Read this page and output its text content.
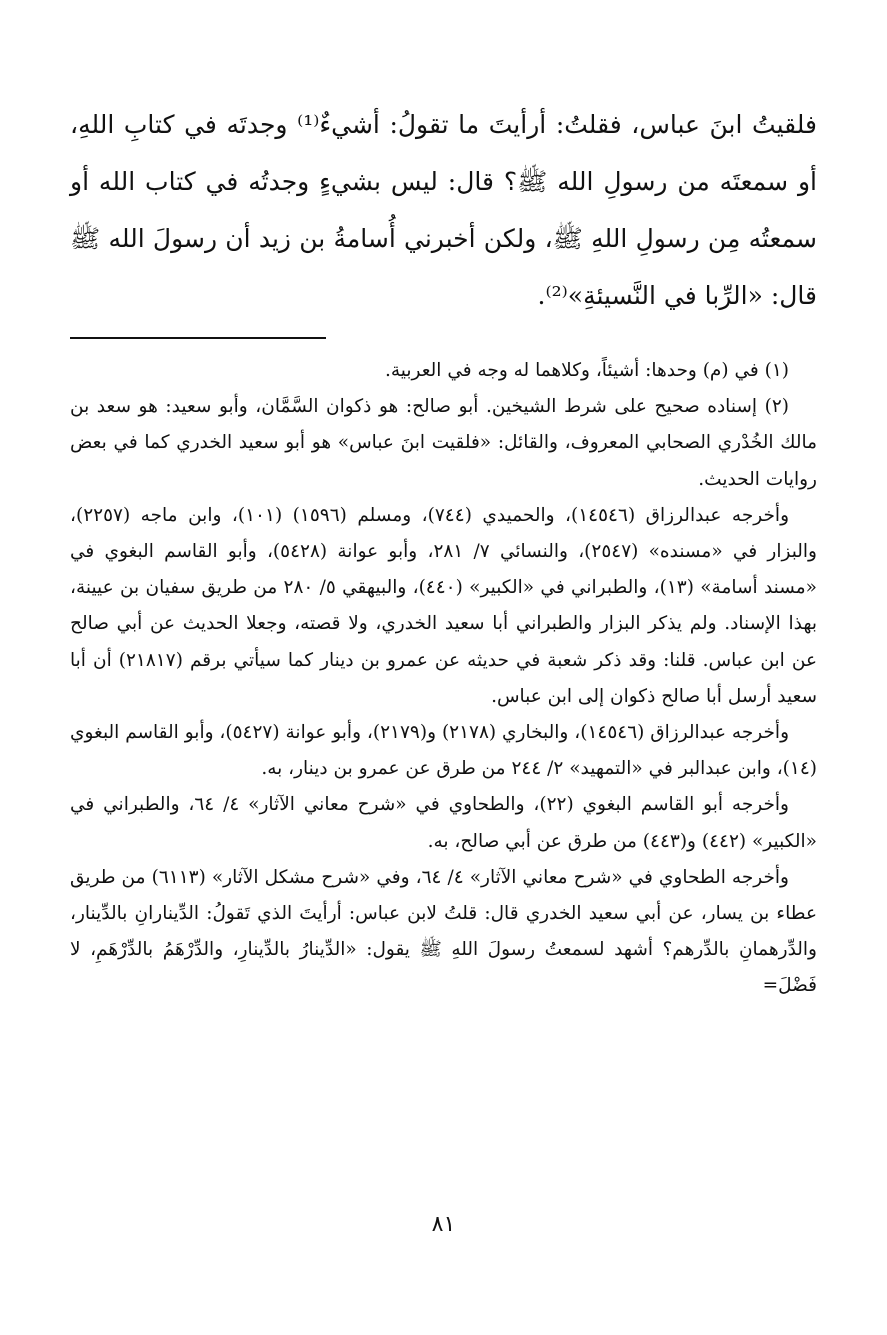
فلقيتُ ابنَ عباس، فقلتُ: أرأيتَ ما تقولُ: أشيءٌ⁽¹⁾ وجدتَه في كتابِ اللهِ، أو سمعتَه من رسولِ الله ﷺ؟ قال: ليس بشيءٍ وجدتُه في كتاب الله أو سمعتُه مِن رسولِ اللهِ ﷺ، ولكن أخبرني أُسامةُ بن زيد أن رسولَ الله ﷺ قال: «الرِّبا في النَّسيئةِ»⁽²⁾.

(١) في (م) وحدها: أشيئاً، وكلاهما له وجه في العربية.

(٢) إسناده صحيح على شرط الشيخين. أبو صالح: هو ذكوان السَّمَّان، وأبو سعيد: هو سعد بن مالك الخُدْري الصحابي المعروف، والقائل: «فلقيت ابنَ عباس» هو أبو سعيد الخدري كما في بعض روايات الحديث.

وأخرجه عبدالرزاق (١٤٥٤٦)، والحميدي (٧٤٤)، ومسلم (١٥٩٦) (١٠١)، وابن ماجه (٢٢٥٧)، والبزار في «مسنده» (٢٥٤٧)، والنسائي ٧/ ٢٨١، وأبو عوانة (٥٤٢٨)، وأبو القاسم البغوي في «مسند أسامة» (١٣)، والطبراني في «الكبير» (٤٤٠)، والبيهقي ٥/ ٢٨٠ من طريق سفيان بن عيينة، بهذا الإسناد. ولم يذكر البزار والطبراني أبا سعيد الخدري، ولا قصته، وجعلا الحديث عن أبي صالح عن ابن عباس. قلنا: وقد ذكر شعبة في حديثه عن عمرو بن دينار كما سيأتي برقم (٢١٨١٧) أن أبا سعيد أرسل أبا صالح ذكوان إلى ابن عباس.

وأخرجه عبدالرزاق (١٤٥٤٦)، والبخاري (٢١٧٨) و(٢١٧٩)، وأبو عوانة (٥٤٢٧)، وأبو القاسم البغوي (١٤)، وابن عبدالبر في «التمهيد» ٢/ ٢٤٤ من طرق عن عمرو بن دينار، به.

وأخرجه أبو القاسم البغوي (٢٢)، والطحاوي في «شرح معاني الآثار» ٤/ ٦٤، والطبراني في «الكبير» (٤٤٢) و(٤٤٣) من طرق عن أبي صالح، به.

وأخرجه الطحاوي في «شرح معاني الآثار» ٤/ ٦٤، وفي «شرح مشكل الآثار» (٦١١٣) من طريق عطاء بن يسار، عن أبي سعيد الخدري قال: قلتُ لابن عباس: أرأيتَ الذي تَقولُ: الدِّينارانِ بالدِّينار، والدِّرهمانِ بالدِّرهم؟ أشهد لسمعتُ رسولَ اللهِ ﷺ يقول: «الدِّينارُ بالدِّينارِ، والدِّرْهَمُ بالدِّرْهَمِ، لا فَضْلَ=

٨١
